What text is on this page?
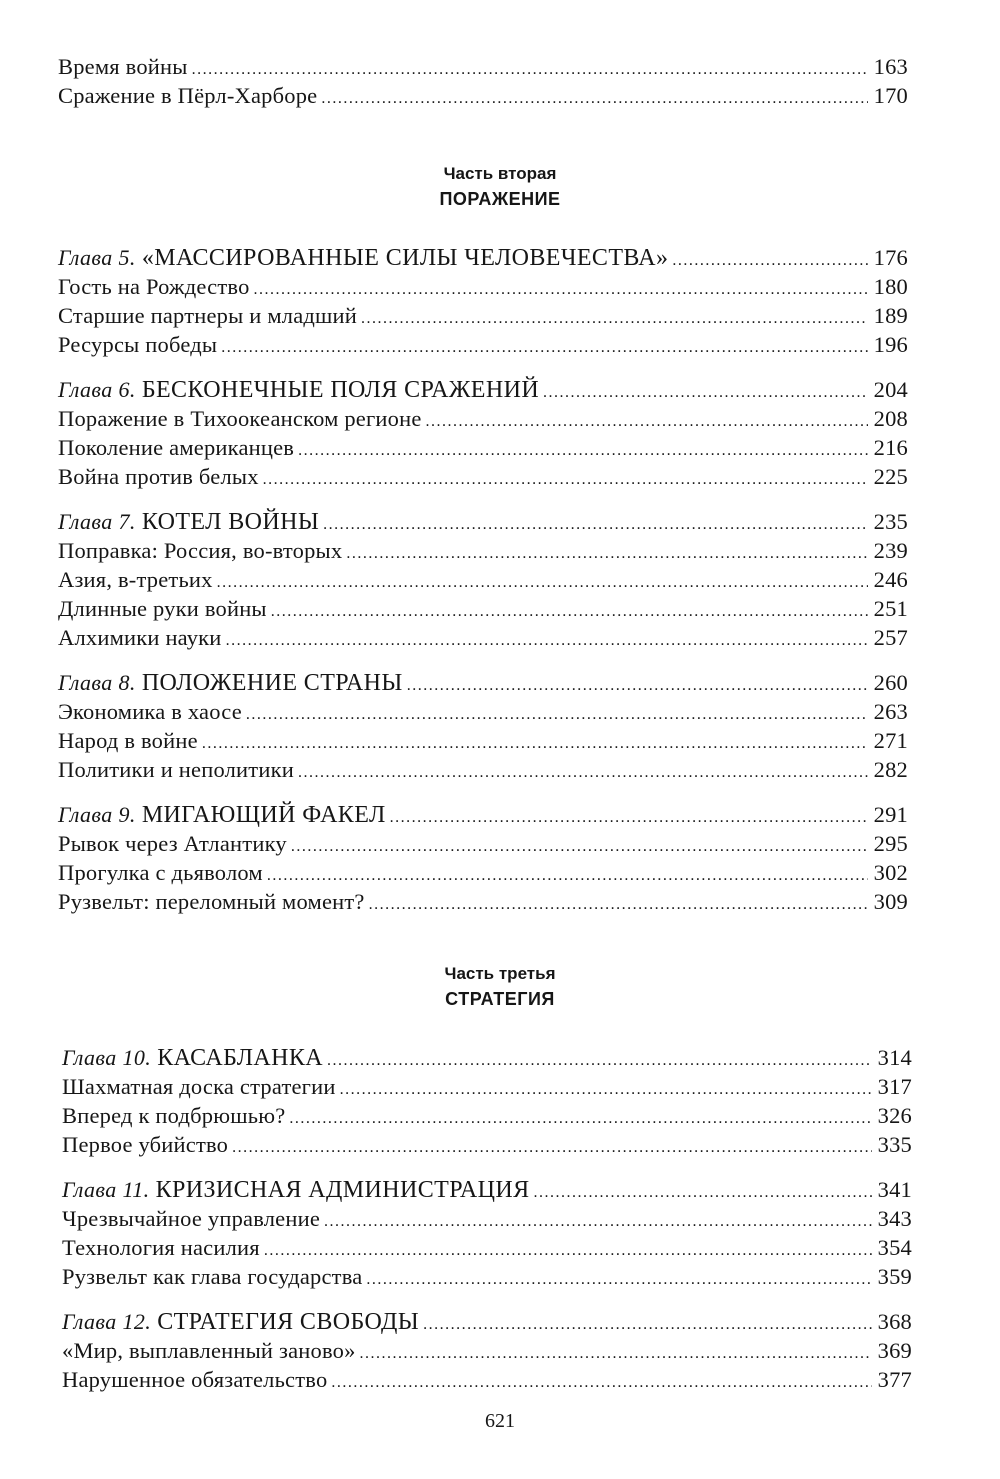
Время войны .....	163
Сражение в Пёрл-Харборе .....	170
Часть вторая
ПОРАЖЕНИЕ
Глава 5. «МАССИРОВАННЫЕ СИЛЫ ЧЕЛОВЕЧЕСТВА» .....	176
Гость на Рождество .....	180
Старшие партнеры и младший .....	189
Ресурсы победы .....	196
Глава 6. БЕСКОНЕЧНЫЕ ПОЛЯ СРАЖЕНИЙ .....	204
Поражение в Тихоокеанском регионе .....	208
Поколение американцев .....	216
Война против белых .....	225
Глава 7. КОТЕЛ ВОЙНЫ .....	235
Поправка: Россия, во-вторых .....	239
Азия, в-третьих .....	246
Длинные руки войны .....	251
Алхимики науки .....	257
Глава 8. ПОЛОЖЕНИЕ СТРАНЫ .....	260
Экономика в хаосе .....	263
Народ в войне .....	271
Политики и неполитики .....	282
Глава 9. МИГАЮЩИЙ ФАКЕЛ .....	291
Рывок через Атлантику .....	295
Прогулка с дьяволом .....	302
Рузвельт: переломный момент? .....	309
Часть третья
СТРАТЕГИЯ
Глава 10. КАСАБЛАНКА .....	314
Шахматная доска стратегии .....	317
Вперед к подбрюшью? .....	326
Первое убийство .....	335
Глава 11. КРИЗИСНАЯ АДМИНИСТРАЦИЯ .....	341
Чрезвычайное управление .....	343
Технология насилия .....	354
Рузвельт как глава государства .....	359
Глава 12. СТРАТЕГИЯ СВОБОДЫ .....	368
«Мир, выплавленный заново» .....	369
Нарушенное обязательство .....	377
621
